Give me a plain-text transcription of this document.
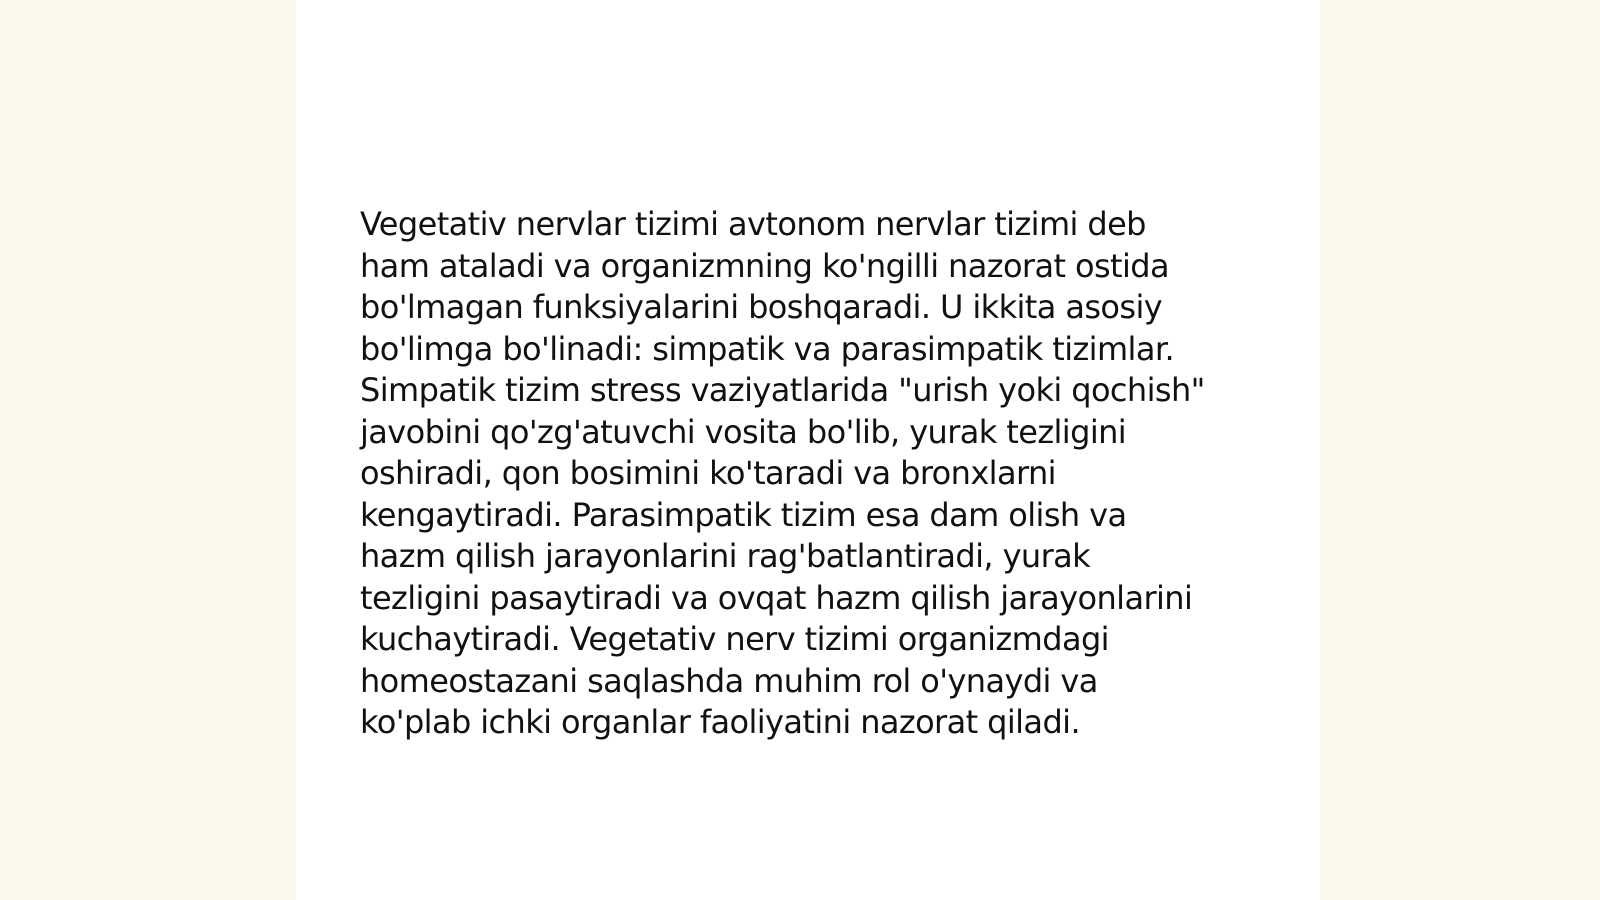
Vegetativ nervlar tizimi avtonom nervlar tizimi deb
ham ataladi va organizmning ko'ngilli nazorat ostida
bo'lmagan funksiyalarini boshqaradi. U ikkita asosiy
bo'limga bo'linadi: simpatik va parasimpatik tizimlar.
Simpatik tizim stress vaziyatlarida "urish yoki qochish"
javobini qo'zg'atuvchi vosita bo'lib, yurak tezligini
oshiradi, qon bosimini ko'taradi va bronxlarni
kengaytiradi. Parasimpatik tizim esa dam olish va
hazm qilish jarayonlarini rag'batlantiradi, yurak
tezligini pasaytiradi va ovqat hazm qilish jarayonlarini
kuchaytiradi. Vegetativ nerv tizimi organizmdagi
homeostazani saqlashda muhim rol o'ynaydi va
ko'plab ichki organlar faoliyatini nazorat qiladi.
